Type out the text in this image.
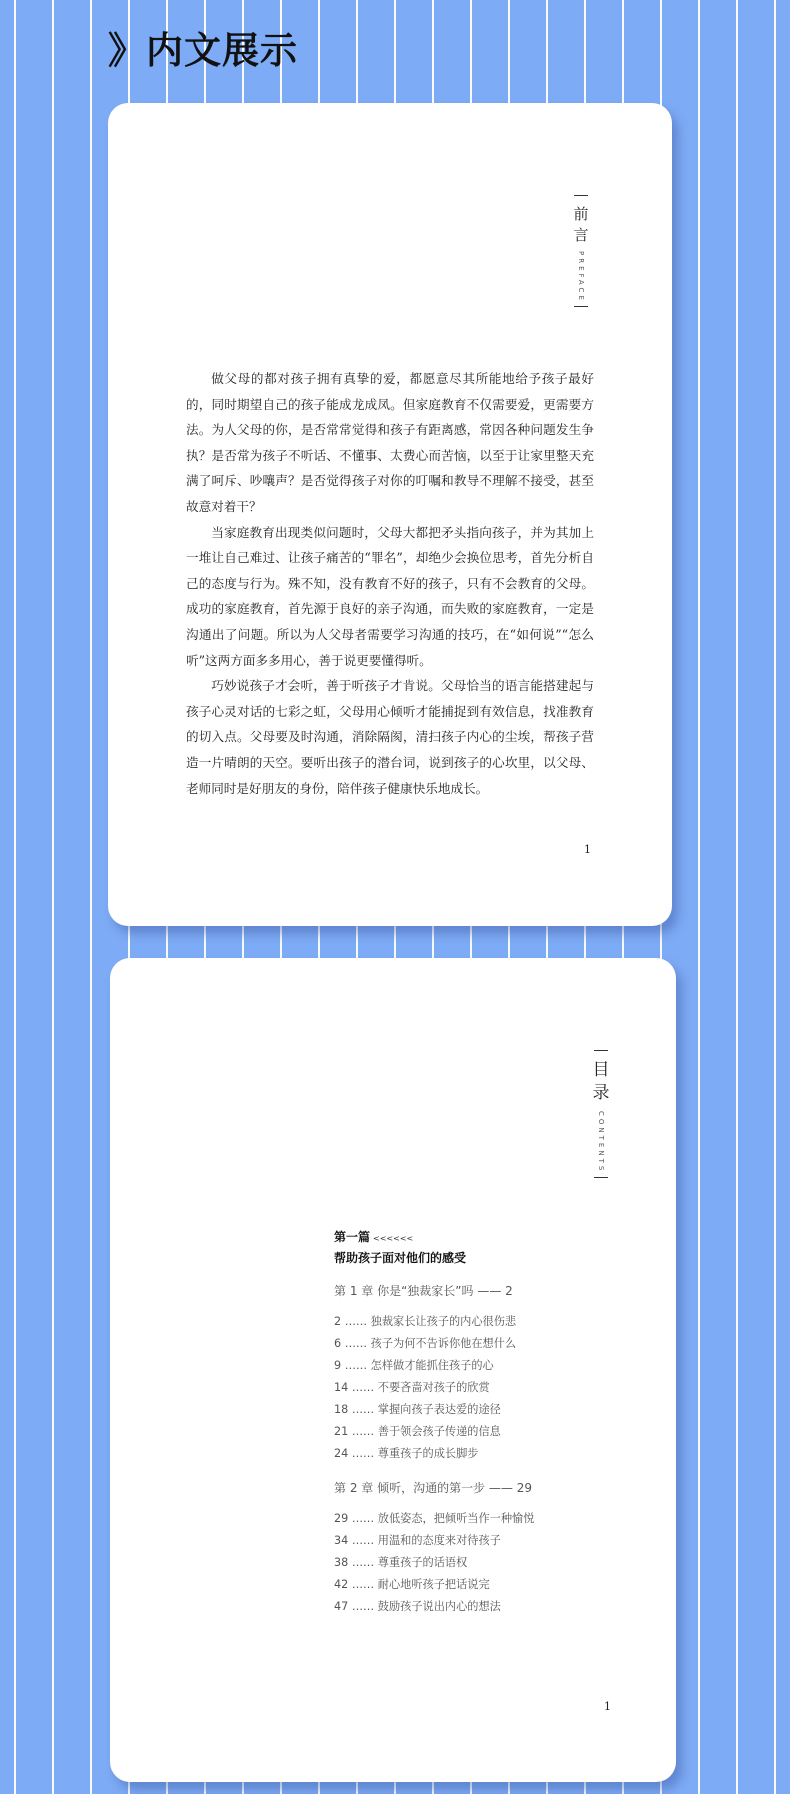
》内文展示
前
言
PREFACE

做父母的都对孩子拥有真挚的爱，都愿意尽其所能地给予孩子最好的，同时期望自己的孩子能成龙成凤。但家庭教育不仅需要爱，更需要方法。为人父母的你，是否常常觉得和孩子有距离感，常因各种问题发生争执？是否常为孩子不听话、不懂事、太费心而苦恼，以至于让家里整天充满了呵斥、吵嚷声？是否觉得孩子对你的叮嘱和教导不理解不接受，甚至故意对着干？

当家庭教育出现类似问题时，父母大都把矛头指向孩子，并为其加上一堆让自己难过、让孩子痛苦的“罪名”，却绝少会换位思考，首先分析自己的态度与行为。殊不知，没有教育不好的孩子，只有不会教育的父母。成功的家庭教育，首先源于良好的亲子沟通，而失败的家庭教育，一定是沟通出了问题。所以为人父母者需要学习沟通的技巧，在“如何说”“怎么听”这两方面多多用心，善于说更要懂得听。

巧妙说孩子才会听，善于听孩子才肯说。父母恰当的语言能搭建起与孩子心灵对话的七彩之虹，父母用心倾听才能捕捉到有效信息，找准教育的切入点。父母要及时沟通，消除隔阂，清扫孩子内心的尘埃，帮孩子营造一片晴朗的天空。要听出孩子的潜台词，说到孩子的心坎里，以父母、老师同时是好朋友的身份，陪伴孩子健康快乐地成长。

1
目
录
CONTENTS
第一篇 <<<<<<
帮助孩子面对他们的感受
第 1 章 你是“独裁家长”吗 —— 2
2 …… 独裁家长让孩子的内心很伤悲
6 …… 孩子为何不告诉你他在想什么
9 …… 怎样做才能抓住孩子的心
14 …… 不要吝啬对孩子的欣赏
18 …… 掌握向孩子表达爱的途径
21 …… 善于领会孩子传递的信息
24 …… 尊重孩子的成长脚步
第 2 章 倾听，沟通的第一步 —— 29
29 …… 放低姿态，把倾听当作一种愉悦
34 …… 用温和的态度来对待孩子
38 …… 尊重孩子的话语权
42 …… 耐心地听孩子把话说完
47 …… 鼓励孩子说出内心的想法
1
